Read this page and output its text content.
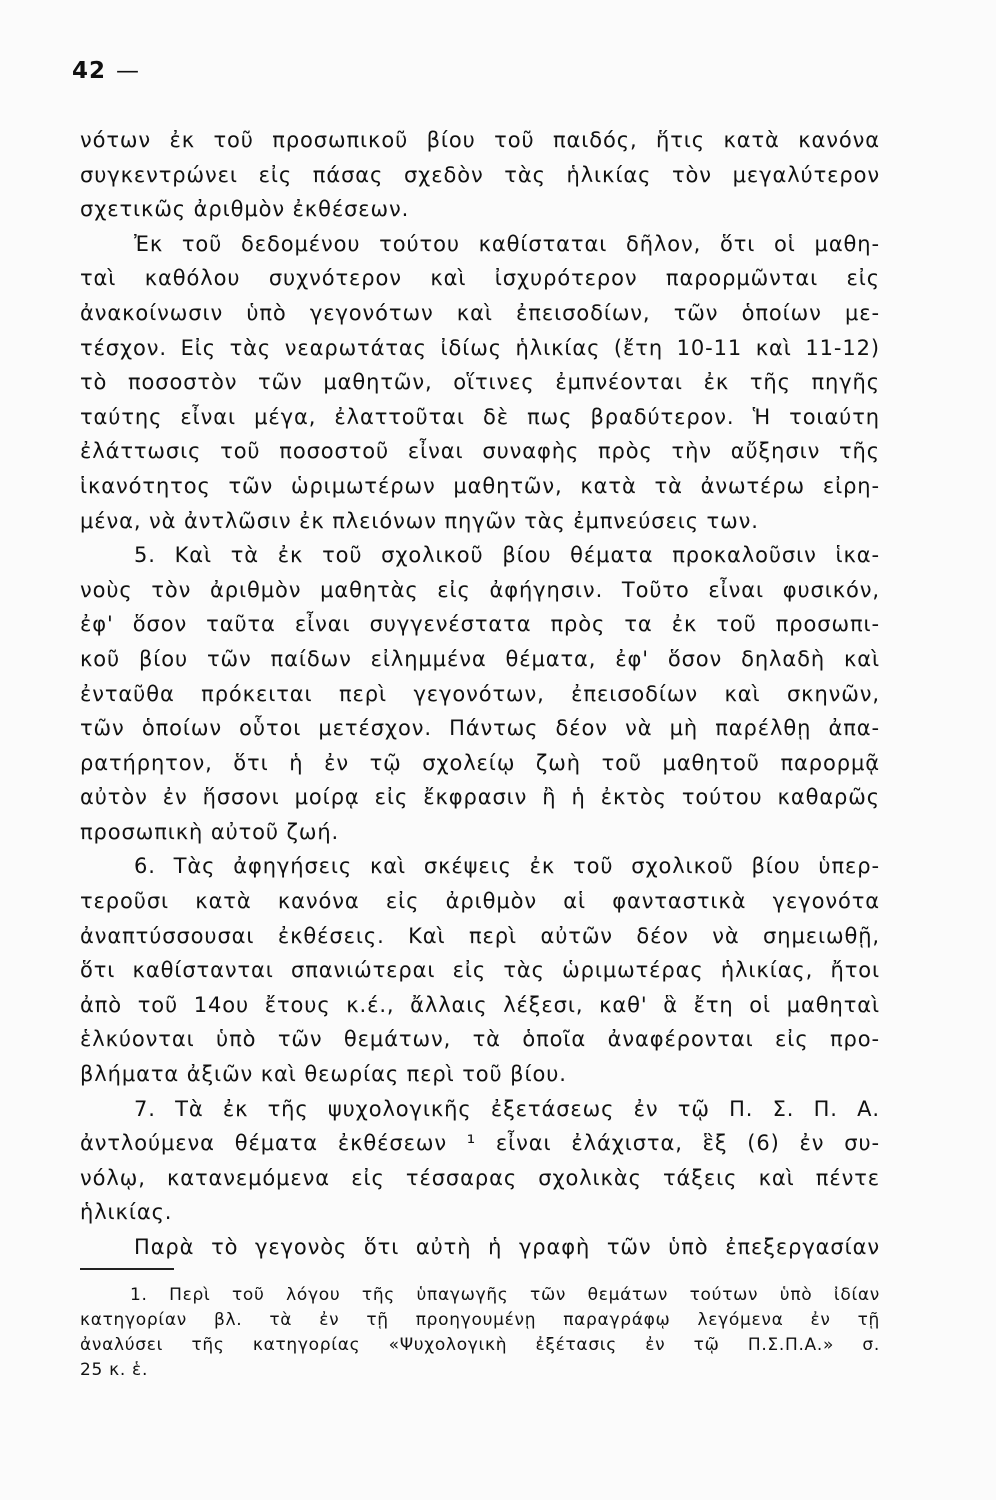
42 —
νότων ἐκ τοῦ προσωπικοῦ βίου τοῦ παιδός, ἥτις κατὰ κανόνα
συγκεντρώνει εἰς πάσας σχεδὸν τὰς ἡλικίας τὸν μεγαλύτερον
σχετικῶς ἀριθμὸν ἐκθέσεων.
Ἐκ τοῦ δεδομένου τούτου καθίσταται δῆλον, ὅτι οἱ μαθη-
ταὶ καθόλου συχνότερον καὶ ἰσχυρότερον παρορμῶνται εἰς
ἀνακοίνωσιν ὑπὸ γεγονότων καὶ ἐπεισοδίων, τῶν ὁποίων με-
τέσχον. Εἰς τὰς νεαρωτάτας ἰδίως ἡλικίας (ἔτη 10-11 καὶ 11-12)
τὸ ποσοστὸν τῶν μαθητῶν, οἵτινες ἐμπνέονται ἐκ τῆς πηγῆς
ταύτης εἶναι μέγα, ἐλαττοῦται δὲ πως βραδύτερον. Ἡ τοιαύτη
ἐλάττωσις τοῦ ποσοστοῦ εἶναι συναφὴς πρὸς τὴν αὔξησιν τῆς
ἱκανότητος τῶν ὡριμωτέρων μαθητῶν, κατὰ τὰ ἀνωτέρω εἰρη-
μένα, νὰ ἀντλῶσιν ἐκ πλειόνων πηγῶν τὰς ἐμπνεύσεις των.
5. Καὶ τὰ ἐκ τοῦ σχολικοῦ βίου θέματα προκαλοῦσιν ἱκα-
νοὺς τὸν ἀριθμὸν μαθητὰς εἰς ἀφήγησιν. Τοῦτο εἶναι φυσικόν,
ἐφ' ὅσον ταῦτα εἶναι συγγενέστατα πρὸς τα ἐκ τοῦ προσωπι-
κοῦ βίου τῶν παίδων εἰλημμένα θέματα, ἐφ' ὅσον δηλαδὴ καὶ
ἐνταῦθα πρόκειται περὶ γεγονότων, ἐπεισοδίων καὶ σκηνῶν,
τῶν ὁποίων οὗτοι μετέσχον. Πάντως δέον νὰ μὴ παρέλθῃ ἀπα-
ρατήρητον, ὅτι ἡ ἐν τῷ σχολείῳ ζωὴ τοῦ μαθητοῦ παρορμᾷ
αὐτὸν ἐν ἥσσονι μοίρᾳ εἰς ἔκφρασιν ἢ ἡ ἐκτὸς τούτου καθαρῶς
προσωπικὴ αὐτοῦ ζωή.
6. Τὰς ἀφηγήσεις καὶ σκέψεις ἐκ τοῦ σχολικοῦ βίου ὑπερ-
τεροῦσι κατὰ κανόνα εἰς ἀριθμὸν αἱ φανταστικὰ γεγονότα
ἀναπτύσσουσαι ἐκθέσεις. Καὶ περὶ αὐτῶν δέον νὰ σημειωθῇ,
ὅτι καθίστανται σπανιώτεραι εἰς τὰς ὡριμωτέρας ἡλικίας, ἤτοι
ἀπὸ τοῦ 14ου ἔτους κ.έ., ἄλλαις λέξεσι, καθ' ἃ ἔτη οἱ μαθηταὶ
ἑλκύονται ὑπὸ τῶν θεμάτων, τὰ ὁποῖα ἀναφέρονται εἰς προ-
βλήματα ἀξιῶν καὶ θεωρίας περὶ τοῦ βίου.
7. Τὰ ἐκ τῆς ψυχολογικῆς ἐξετάσεως ἐν τῷ Π. Σ. Π. Α.
ἀντλούμενα θέματα ἐκθέσεων ¹ εἶναι ἐλάχιστα, ἓξ (6) ἐν συ-
νόλῳ, κατανεμόμενα εἰς τέσσαρας σχολικὰς τάξεις καὶ πέντε
ἡλικίας.
Παρὰ τὸ γεγονὸς ὅτι αὐτὴ ἡ γραφὴ τῶν ὑπὸ ἐπεξεργασίαν
1. Περὶ τοῦ λόγου τῆς ὑπαγωγῆς τῶν θεμάτων τούτων ὑπὸ ἰδίαν
κατηγορίαν βλ. τὰ ἐν τῇ προηγουμένῃ παραγράφῳ λεγόμενα ἐν τῇ
ἀναλύσει τῆς κατηγορίας «Ψυχολογικὴ ἐξέτασις ἐν τῷ Π.Σ.Π.Α.» σ.
25 κ. ἑ.
